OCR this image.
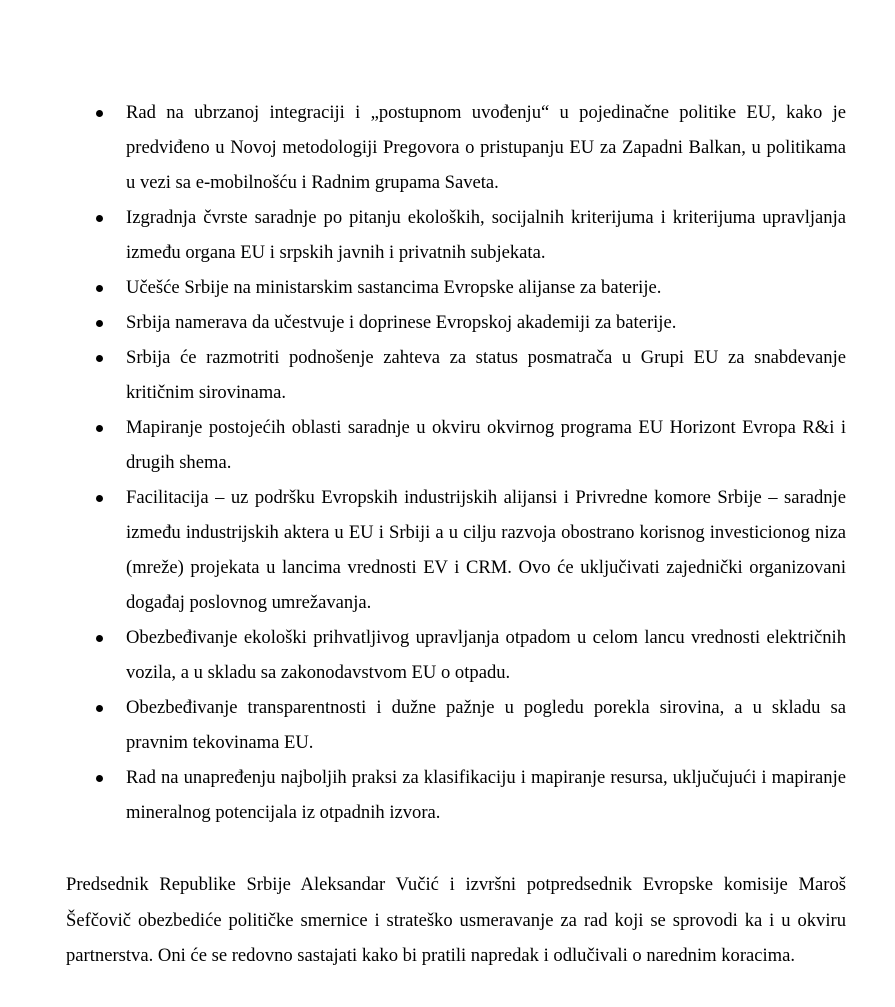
Rad na ubrzanoj integraciji i „postupnom uvođenju“ u pojedinačne politike EU, kako je predviđeno u Novoj metodologiji Pregovora o pristupanju EU za Zapadni Balkan, u politikama u vezi sa e-mobilnošću i Radnim grupama Saveta.
Izgradnja čvrste saradnje po pitanju ekoloških, socijalnih kriterijuma i kriterijuma upravljanja između organa EU i srpskih javnih i privatnih subjekata.
Učešće Srbije na ministarskim sastancima Evropske alijanse za baterije.
Srbija namerava da učestvuje i doprinese Evropskoj akademiji za baterije.
Srbija će razmotriti podnošenje zahteva za status posmatrača u Grupi EU za snabdevanje kritičnim sirovinama.
Mapiranje postojećih oblasti saradnje u okviru okvirnog programa EU Horizont Evropa R&i i drugih shema.
Facilitacija – uz podršku Evropskih industrijskih alijansi i Privredne komore Srbije – saradnje između industrijskih aktera u EU i Srbiji a u cilju razvoja obostrano korisnog investicionog niza (mreže) projekata u lancima vrednosti EV i CRM. Ovo će uključivati zajednički organizovani događaj poslovnog umrežavanja.
Obezbeđivanje ekološki prihvatljivog upravljanja otpadom u celom lancu vrednosti električnih vozila, a u skladu sa zakonodavstvom EU o otpadu.
Obezbeđivanje transparentnosti i dužne pažnje u pogledu porekla sirovina, a u skladu sa pravnim tekovinama EU.
Rad na unapređenju najboljih praksi za klasifikaciju i mapiranje resursa, uključujući i mapiranje mineralnog potencijala iz otpadnih izvora.

Predsednik Republike Srbije Aleksandar Vučić i izvršni potpredsednik Evropske komisije Maroš Šefčovič obezbediće političke smernice i strateško usmeravanje za rad koji se sprovodi ka i u okviru partnerstva. Oni će se redovno sastajati kako bi pratili napredak i odlučivali o narednim koracima.
